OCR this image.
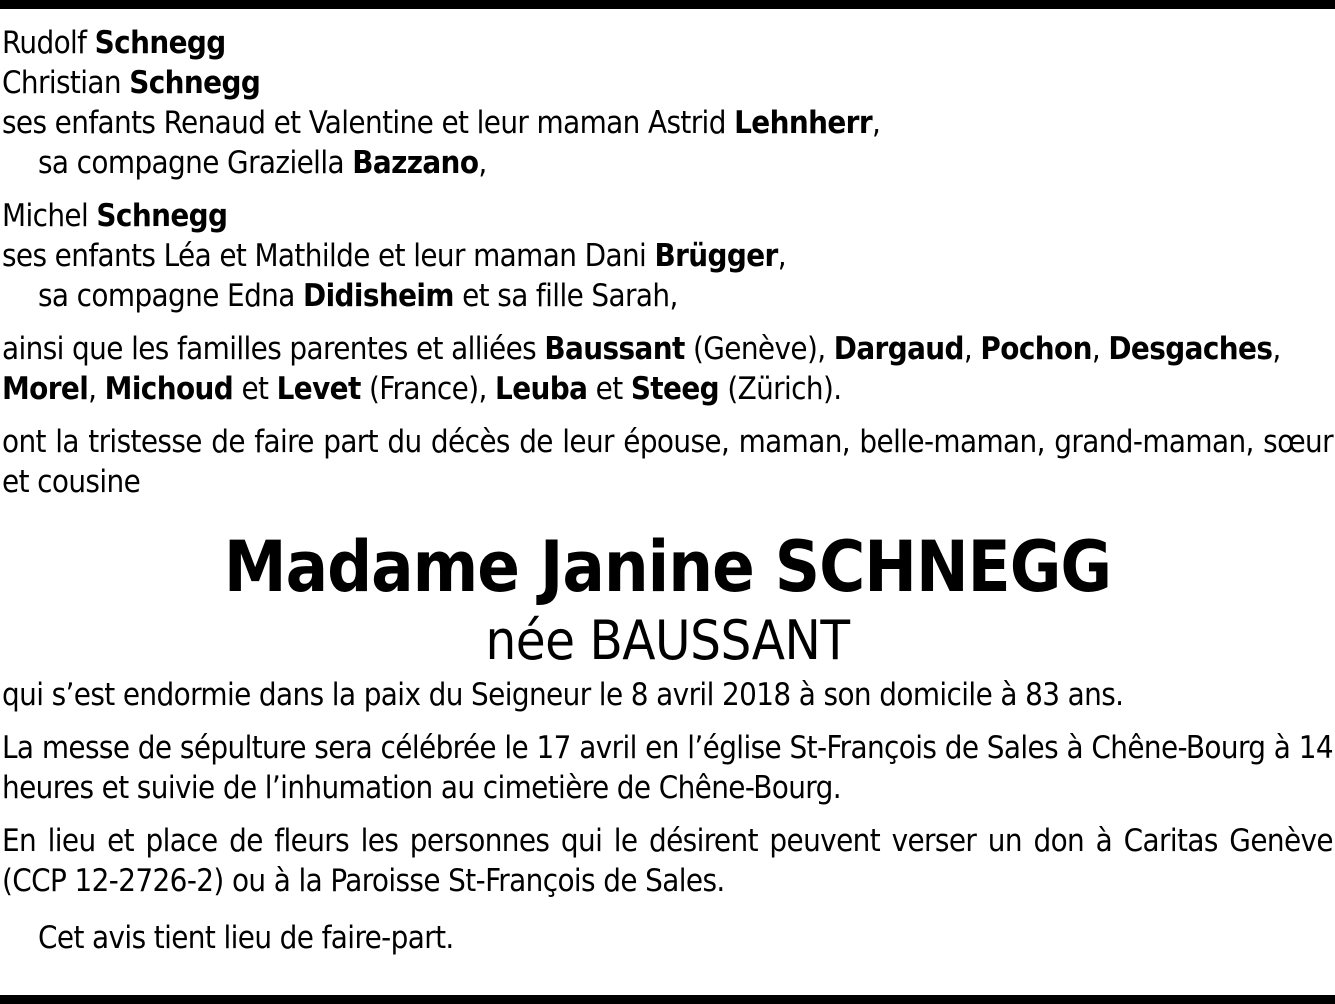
Rudolf Schnegg
Christian Schnegg
ses enfants Renaud et Valentine et leur maman Astrid Lehnherr,
sa compagne Graziella Bazzano,
Michel Schnegg
ses enfants Léa et Mathilde et leur maman Dani Brügger,
sa compagne Edna Didisheim et sa fille Sarah,
ainsi que les familles parentes et alliées Baussant (Genève), Dargaud, Pochon, Desgaches,
Morel, Michoud et Levet (France), Leuba et Steeg (Zürich).
ont la tristesse de faire part du décès de leur épouse, maman, belle-maman, grand-maman, sœur et cousine
Madame Janine SCHNEGG
née BAUSSANT
qui s’est endormie dans la paix du Seigneur le 8 avril 2018 à son domicile à 83 ans.
La messe de sépulture sera célébrée le 17 avril en l’église St-François de Sales à Chêne-Bourg à 14 heures et suivie de l’inhumation au cimetière de Chêne-Bourg.
En lieu et place de fleurs les personnes qui le désirent peuvent verser un don à Caritas Genève (CCP 12-2726-2) ou à la Paroisse St-François de Sales.
Cet avis tient lieu de faire-part.
